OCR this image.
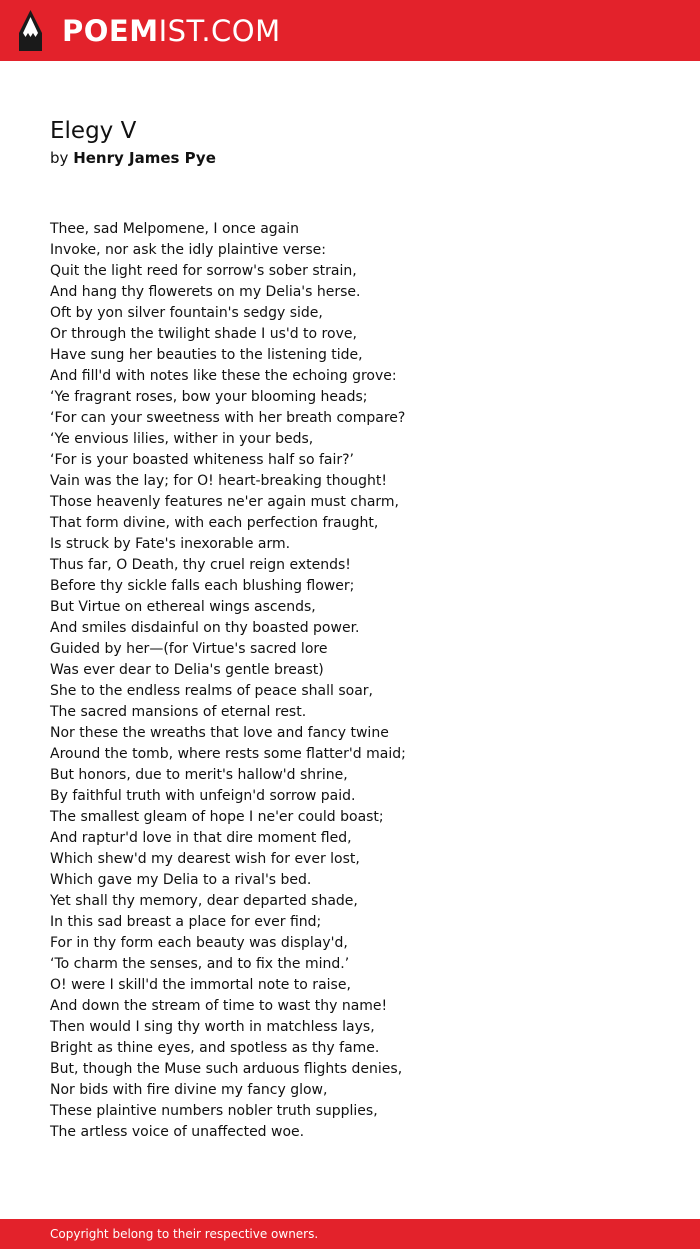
POEMIST.COM
Elegy V
by Henry James Pye
Thee, sad Melpomene, I once again
Invoke, nor ask the idly plaintive verse:
Quit the light reed for sorrow's sober strain,
And hang thy flowerets on my Delia's herse.
Oft by yon silver fountain's sedgy side,
Or through the twilight shade I us'd to rove,
Have sung her beauties to the listening tide,
And fill'd with notes like these the echoing grove:
‘Ye fragrant roses, bow your blooming heads;
‘For can your sweetness with her breath compare?
‘Ye envious lilies, wither in your beds,
‘For is your boasted whiteness half so fair?’
Vain was the lay; for O! heart-breaking thought!
Those heavenly features ne'er again must charm,
That form divine, with each perfection fraught,
Is struck by Fate's inexorable arm.
Thus far, O Death, thy cruel reign extends!
Before thy sickle falls each blushing flower;
But Virtue on ethereal wings ascends,
And smiles disdainful on thy boasted power.
Guided by her—(for Virtue's sacred lore
Was ever dear to Delia's gentle breast)
She to the endless realms of peace shall soar,
The sacred mansions of eternal rest.
Nor these the wreaths that love and fancy twine
Around the tomb, where rests some flatter'd maid;
But honors, due to merit's hallow'd shrine,
By faithful truth with unfeign'd sorrow paid.
The smallest gleam of hope I ne'er could boast;
And raptur'd love in that dire moment fled,
Which shew'd my dearest wish for ever lost,
Which gave my Delia to a rival's bed.
Yet shall thy memory, dear departed shade,
In this sad breast a place for ever find;
For in thy form each beauty was display'd,
‘To charm the senses, and to fix the mind.’
O! were I skill'd the immortal note to raise,
And down the stream of time to wast thy name!
Then would I sing thy worth in matchless lays,
Bright as thine eyes, and spotless as thy fame.
But, though the Muse such arduous flights denies,
Nor bids with fire divine my fancy glow,
These plaintive numbers nobler truth supplies,
The artless voice of unaffected woe.
Copyright belong to their respective owners.
